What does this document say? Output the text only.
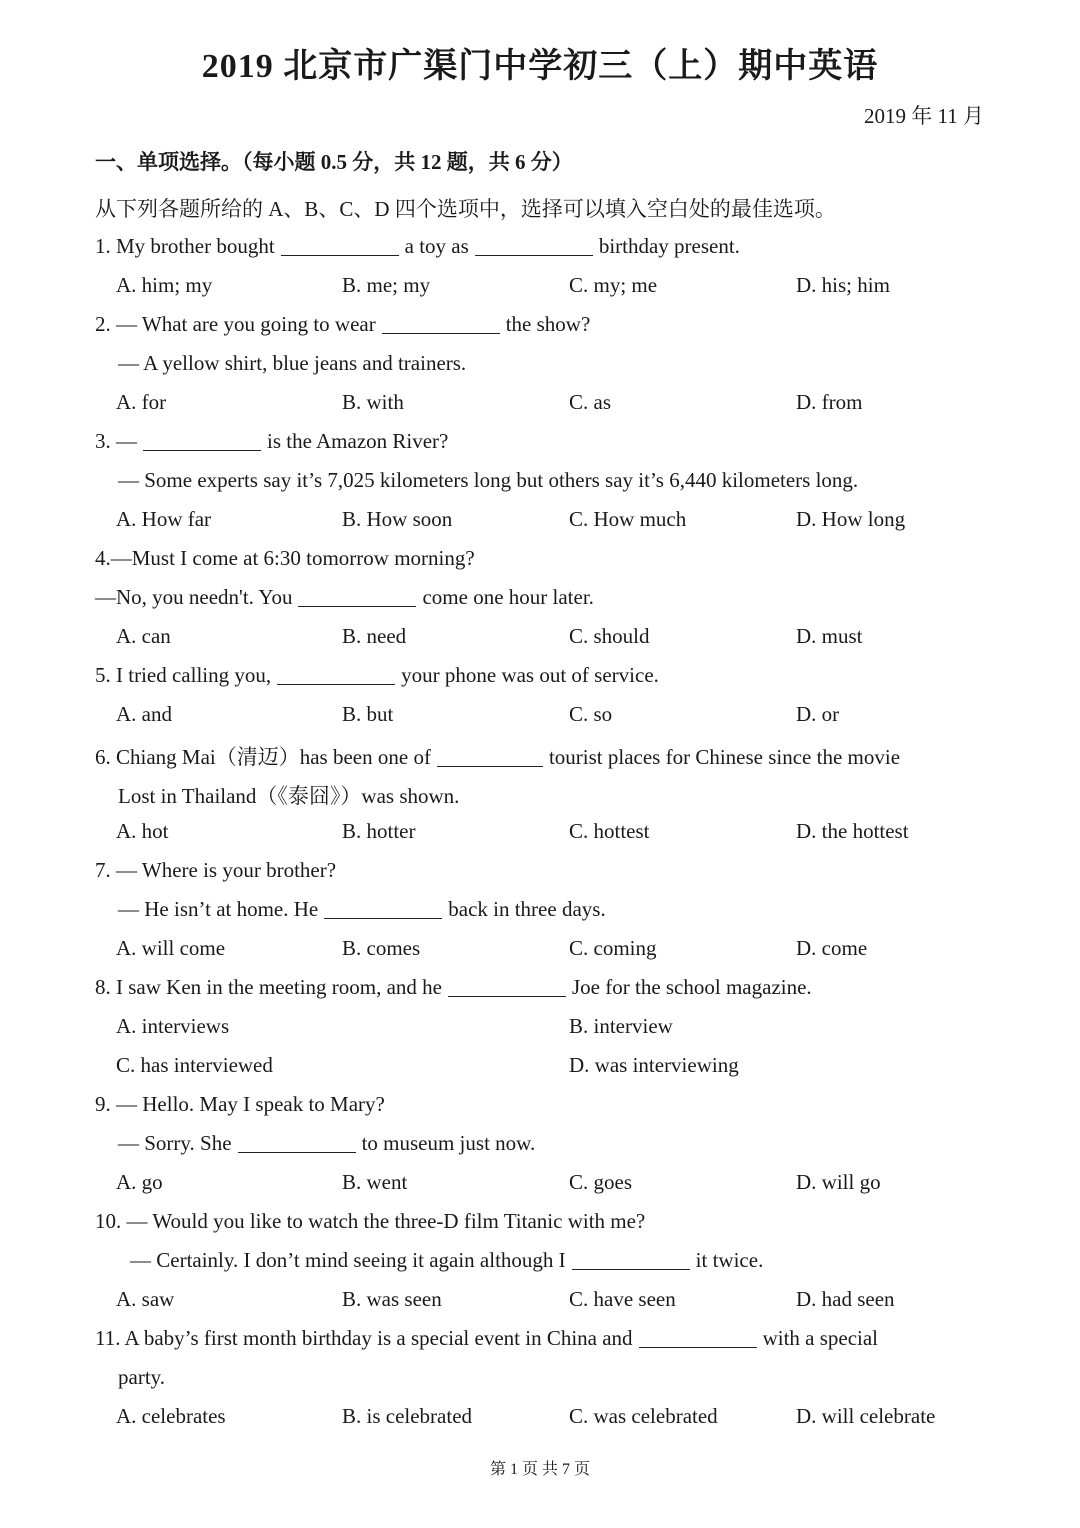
2019 北京市广渠门中学初三（上）期中英语
2019 年 11 月
一、单项选择。（每小题 0.5 分，共 12 题，共 6 分）
从下列各题所给的 A、B、C、D 四个选项中，选择可以填入空白处的最佳选项。
1. My brother bought	a toy as	birthday present.
A. him; my	B. me; my	C. my; me	D. his; him
2. — What are you going to wear	the show?
— A yellow shirt, blue jeans and trainers.
A. for	B. with	C. as	D. from
3. —	is the Amazon River?
— Some experts say it’s 7,025 kilometers long but others say it’s 6,440 kilometers long.
A. How far	B. How soon	C. How much	D. How long
4.—Must I come at 6:30 tomorrow morning?
—No, you needn't. You	come one hour later.
A. can	B. need	C. should	D. must
5. I tried calling you,	your phone was out of service.
A. and	B. but	C. so	D. or
6. Chiang Mai（清迈）has been one of	tourist places for Chinese since the movie
Lost in Thailand（《泰囧》）was shown.
A. hot	B. hotter	C. hottest	D. the hottest
7. — Where is your brother?
— He isn’t at home. He	back in three days.
A. will come	B. comes	C. coming	D. come
8. I saw Ken in the meeting room, and he	Joe for the school magazine.
A. interviews	B. interview
C. has interviewed	D. was interviewing
9. — Hello. May I speak to Mary?
— Sorry. She	to museum just now.
A. go	B. went	C. goes	D. will go
10. — Would you like to watch the three-D film Titanic with me?
— Certainly. I don’t mind seeing it again although I	it twice.
A. saw	B. was seen	C. have seen	D. had seen
11. A baby’s first month birthday is a special event in China and	with a special
party.
A. celebrates	B. is celebrated	C. was celebrated	D. will celebrate
第 1 页 共 7 页
